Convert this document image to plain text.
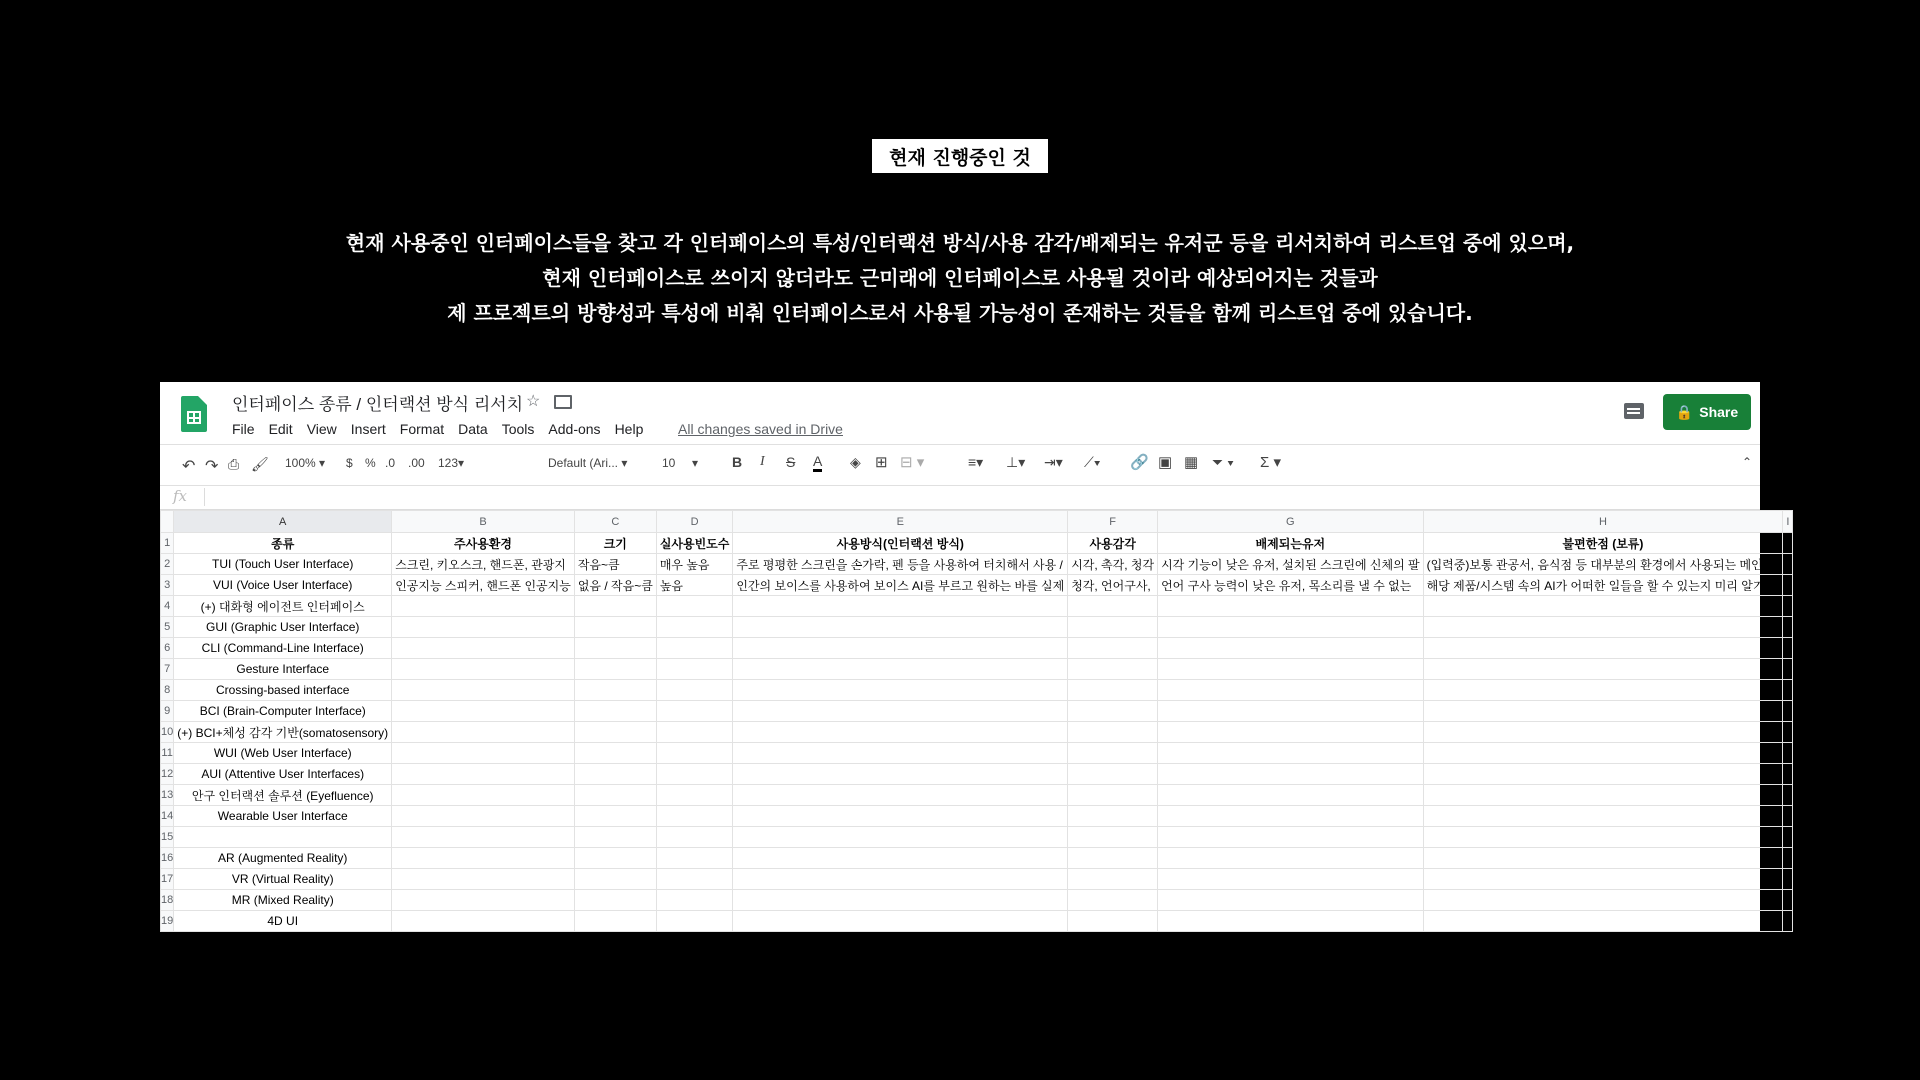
현재 진행중인 것
현재 사용중인 인터페이스들을 찾고 각 인터페이스의 특성/인터랙션 방식/사용 감각/배제되는 유저군 등을 리서치하여 리스트업 중에 있으며,
현재 인터페이스로 쓰이지 않더라도 근미래에 인터페이스로 사용될 것이라 예상되어지는 것들과
제 프로젝트의 방향성과 특성에 비춰 인터페이스로서 사용될 가능성이 존재하는 것들을 함께 리스트업 중에 있습니다.
인터페이스 종류 / 인터랙션 방식 리서치 ☆
File Edit View Insert Format Data Tools Add-ons Help All changes saved in Drive
🔒 Share
↶ ↷ ⎙ 🖌 100% ▾ $ % .0 .00 123▾	Default (Ari... ▾	10     ▾ B I S A ◈ ⊞ ⊟ ▾	≡▾ ⊥▾ ⇥▾ ⟋▾ 🔗 ▣ ▦ ⏷ ▾ Σ ▾	⌃
fx
	A	B	C	D	E	F	G	H	I
1	종류	주사용환경	크기	실사용빈도수	사용방식(인터랙션 방식)	사용감각	배제되는유저	불편한점 (보류)	
2	TUI (Touch User Interface)	스크린, 키오스크, 핸드폰, 관광지	작음~큼	매우 높음	주로 평평한 스크린을 손가락, 펜 등을 사용하여 터치해서 사용 /	시각, 촉각, 청각	시각 기능이 낮은 유저, 설치된 스크린에 신체의 팔	(입력중)보통 관공서, 음식점 등 대부분의 환경에서 사용되는 메인 인	
3	VUI (Voice User Interface)	인공지능 스피커, 핸드폰 인공지능	없음 / 작음~큼	높음	인간의 보이스를 사용하여 보이스 AI를 부르고 원하는 바를 실제	청각, 언어구사,	언어 구사 능력이 낮은 유저, 목소리를 낼 수 없는	해당 제품/시스템 속의 AI가 어떠한 일들을 할 수 있는지 미리 알기 힘	
4	(+) 대화형 에이전트 인터페이스								
5	GUI (Graphic User Interface)								
6	CLI (Command-Line Interface)								
7	Gesture Interface								
8	Crossing-based interface								
9	BCI (Brain-Computer Interface)								
10	(+) BCI+체성 감각 기반(somatosensory)								
11	WUI (Web User Interface)								
12	AUI (Attentive User Interfaces)								
13	안구 인터랙션 솔루션 (Eyefluence)								
14	Wearable User Interface								
15									
16	AR (Augmented Reality)								
17	VR (Virtual Reality)								
18	MR (Mixed Reality)								
19	4D UI								
